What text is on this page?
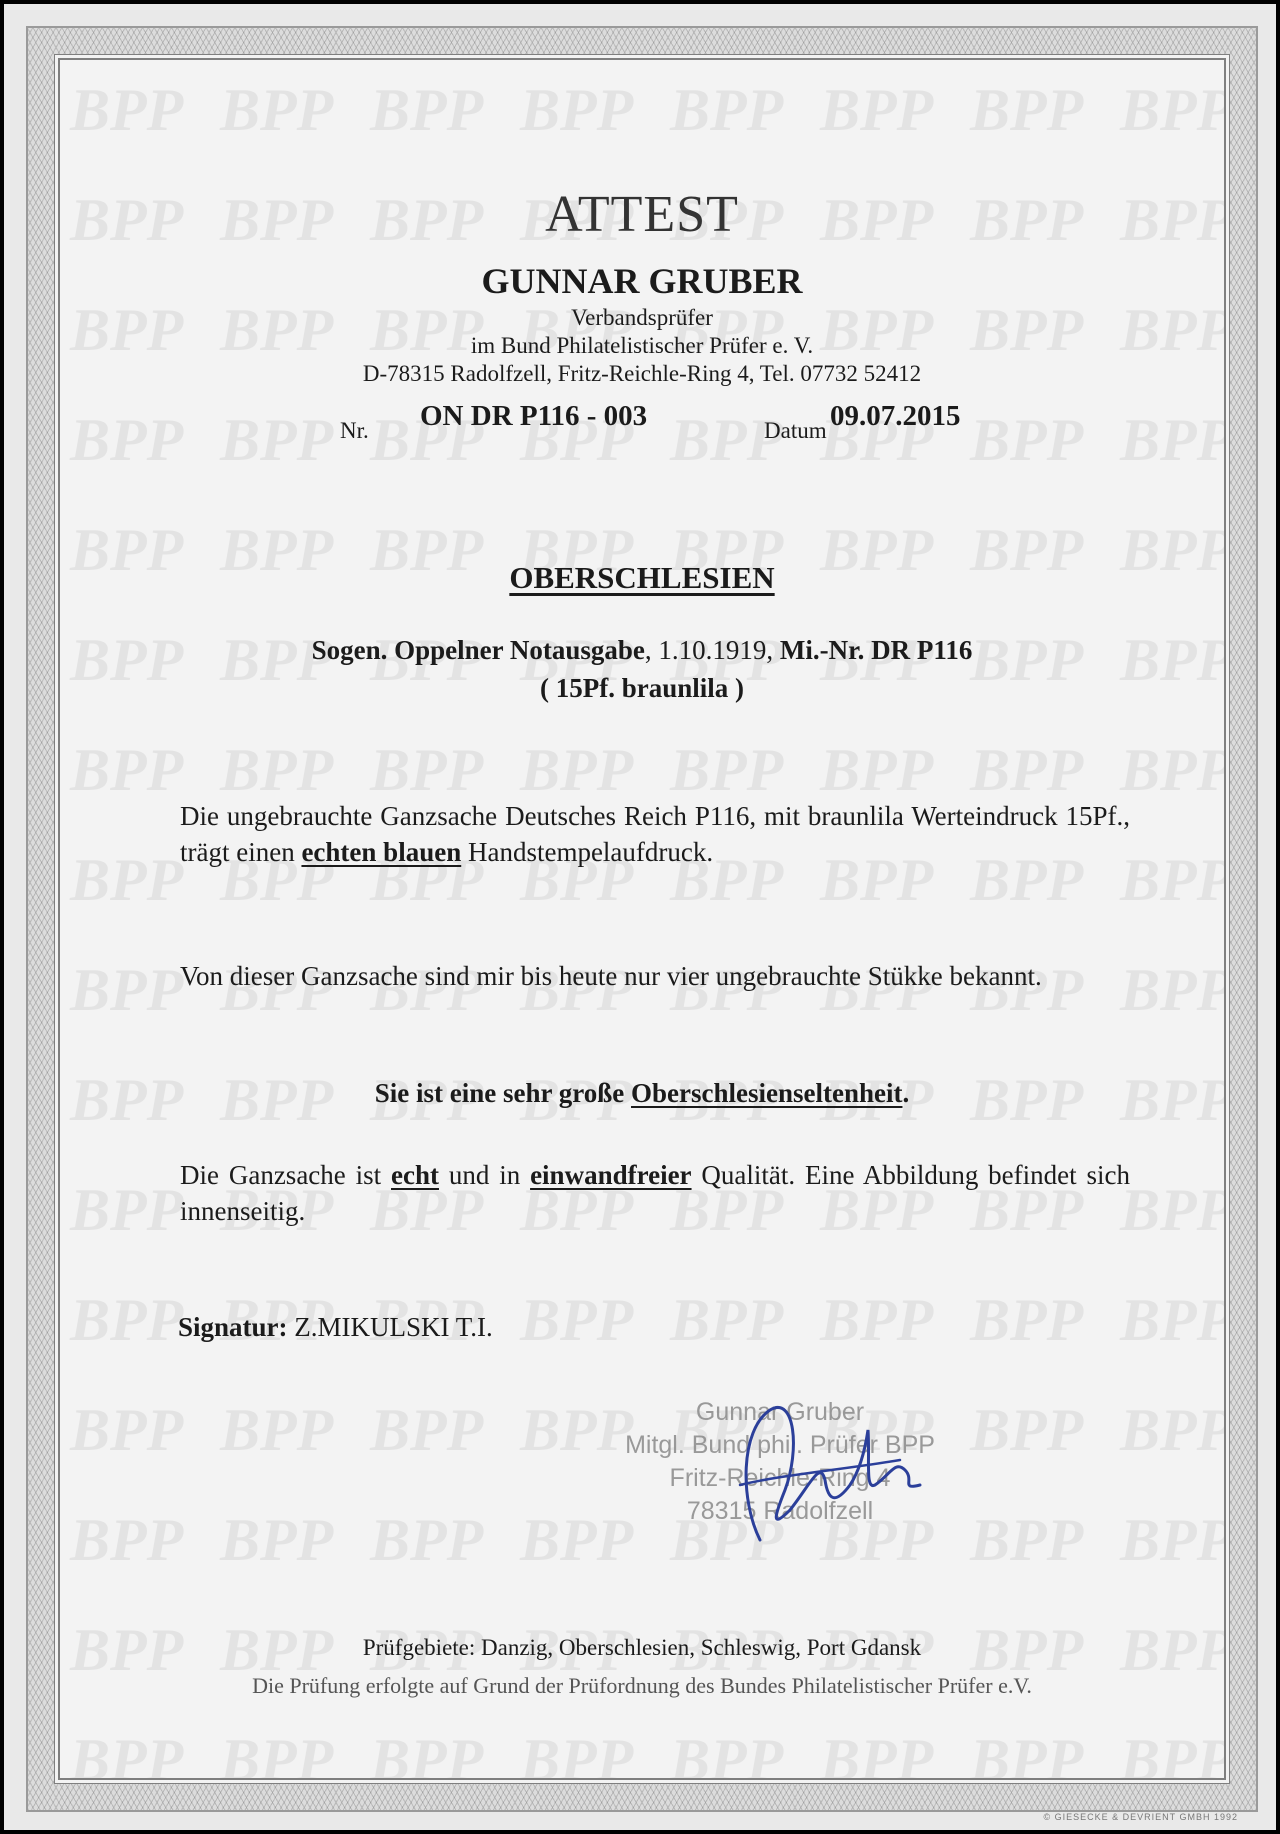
ATTEST
GUNNAR GRUBER
Verbandsprüfer
im Bund Philatelistischer Prüfer e. V.
D-78315 Radolfzell, Fritz-Reichle-Ring 4, Tel. 07732 52412
Nr. ON DR P116 - 003	Datum 09.07.2015
OBERSCHLESIEN
Sogen. Oppelner Notausgabe, 1.10.1919, Mi.-Nr. DR P116
( 15Pf. braunlila )
Die ungebrauchte Ganzsache Deutsches Reich P116, mit braunlila Werteindruck 15Pf., trägt einen echten blauen Handstempelaufdruck.
Von dieser Ganzsache sind mir bis heute nur vier ungebrauchte Stükke bekannt.
Sie ist eine sehr große Oberschlesienseltenheit.
Die Ganzsache ist echt und in einwandfreier Qualität. Eine Abbildung befindet sich innenseitig.
Signatur: Z.MIKULSKI T.I.
Gunnar Gruber
Mitgl. Bund phil. Prüfer BPP
Fritz-Reichle-Ring 4
78315 Radolfzell
Prüfgebiete: Danzig, Oberschlesien, Schleswig, Port Gdansk
Die Prüfung erfolgte auf Grund der Prüfordnung des Bundes Philatelistischer Prüfer e.V.
© GIESECKE & DEVRIENT GMBH 1992
